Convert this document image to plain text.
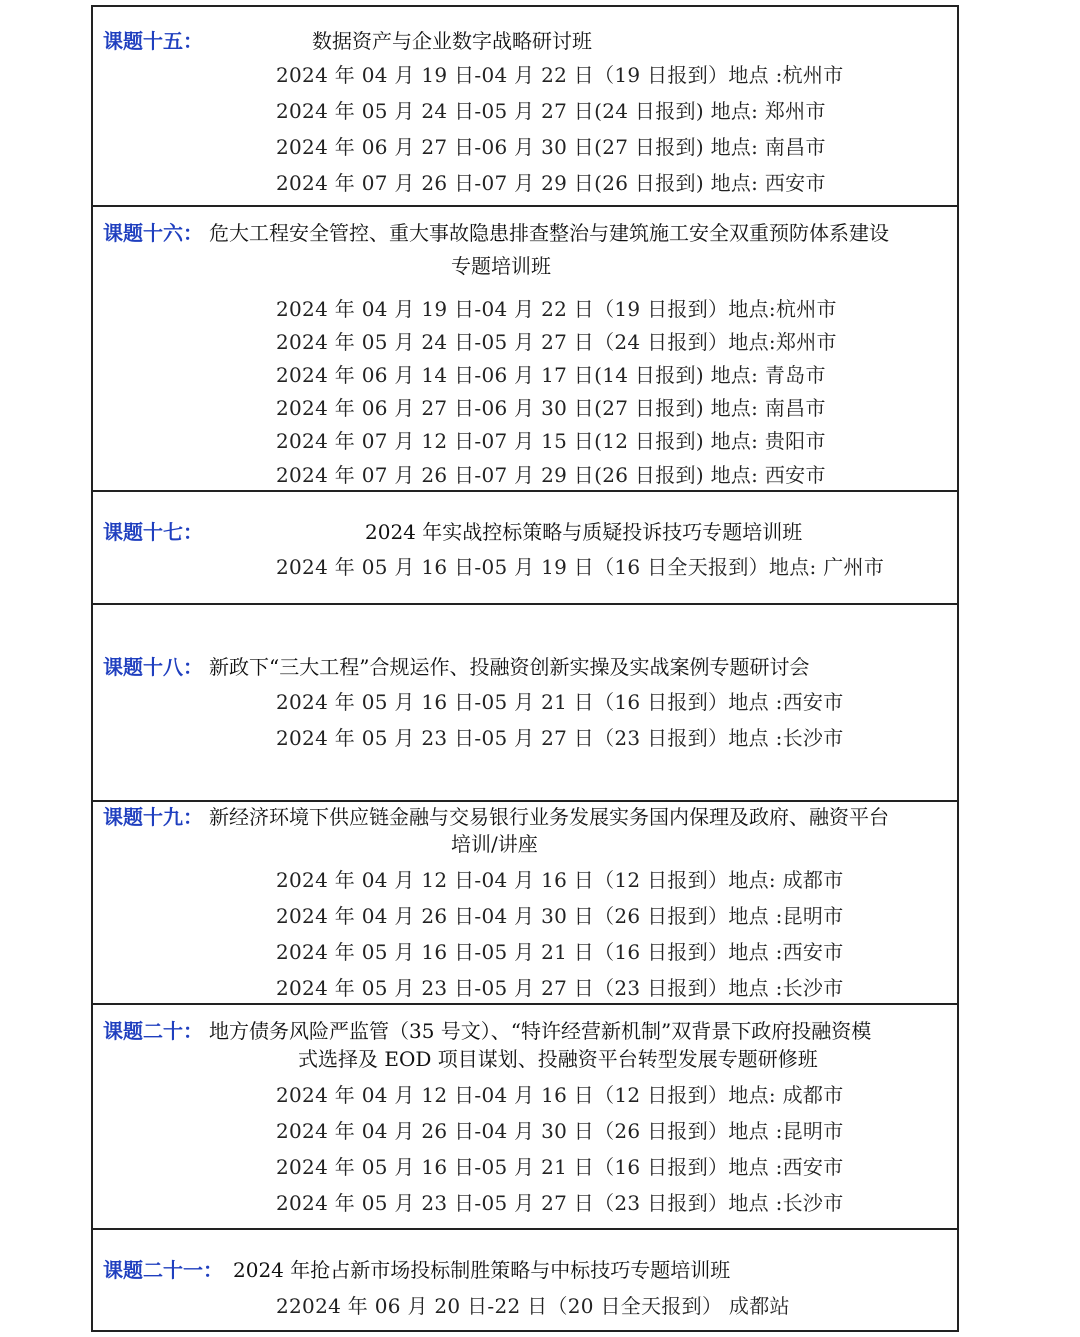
课题十五：	数据资产与企业数字战略研讨班
2024 年 04 月 19 日-04 月 22 日（19 日报到）地点 :杭州市
2024 年 05 月 24 日-05 月 27 日(24 日报到) 地点: 郑州市
2024 年 06 月 27 日-06 月 30 日(27 日报到) 地点: 南昌市
2024 年 07 月 26 日-07 月 29 日(26 日报到) 地点: 西安市
课题十六： 危大工程安全管控、重大事故隐患排查整治与建筑施工安全双重预防体系建设
专题培训班
2024 年 04 月 19 日-04 月 22 日（19 日报到）地点:杭州市
2024 年 05 月 24 日-05 月 27 日（24 日报到）地点:郑州市
2024 年 06 月 14 日-06 月 17 日(14 日报到) 地点: 青岛市
2024 年 06 月 27 日-06 月 30 日(27 日报到) 地点: 南昌市
2024 年 07 月 12 日-07 月 15 日(12 日报到) 地点: 贵阳市
2024 年 07 月 26 日-07 月 29 日(26 日报到) 地点: 西安市
课题十七：	2024 年实战控标策略与质疑投诉技巧专题培训班
2024 年 05 月 16 日-05 月 19 日（16 日全天报到）地点: 广州市
课题十八： 新政下“三大工程”合规运作、投融资创新实操及实战案例专题研讨会
2024 年 05 月 16 日-05 月 21 日（16 日报到）地点 :西安市
2024 年 05 月 23 日-05 月 27 日（23 日报到）地点 :长沙市
课题十九： 新经济环境下供应链金融与交易银行业务发展实务国内保理及政府、融资平台
培训/讲座
2024 年 04 月 12 日-04 月 16 日（12 日报到）地点: 成都市
2024 年 04 月 26 日-04 月 30 日（26 日报到）地点 :昆明市
2024 年 05 月 16 日-05 月 21 日（16 日报到）地点 :西安市
2024 年 05 月 23 日-05 月 27 日（23 日报到）地点 :长沙市
课题二十： 地方债务风险严监管（35 号文）、“特许经营新机制”双背景下政府投融资模
式选择及 EOD 项目谋划、投融资平台转型发展专题研修班
2024 年 04 月 12 日-04 月 16 日（12 日报到）地点: 成都市
2024 年 04 月 26 日-04 月 30 日（26 日报到）地点 :昆明市
2024 年 05 月 16 日-05 月 21 日（16 日报到）地点 :西安市
2024 年 05 月 23 日-05 月 27 日（23 日报到）地点 :长沙市
课题二十一： 2024 年抢占新市场投标制胜策略与中标技巧专题培训班
22024 年 06 月 20 日-22 日（20 日全天报到） 成都站
